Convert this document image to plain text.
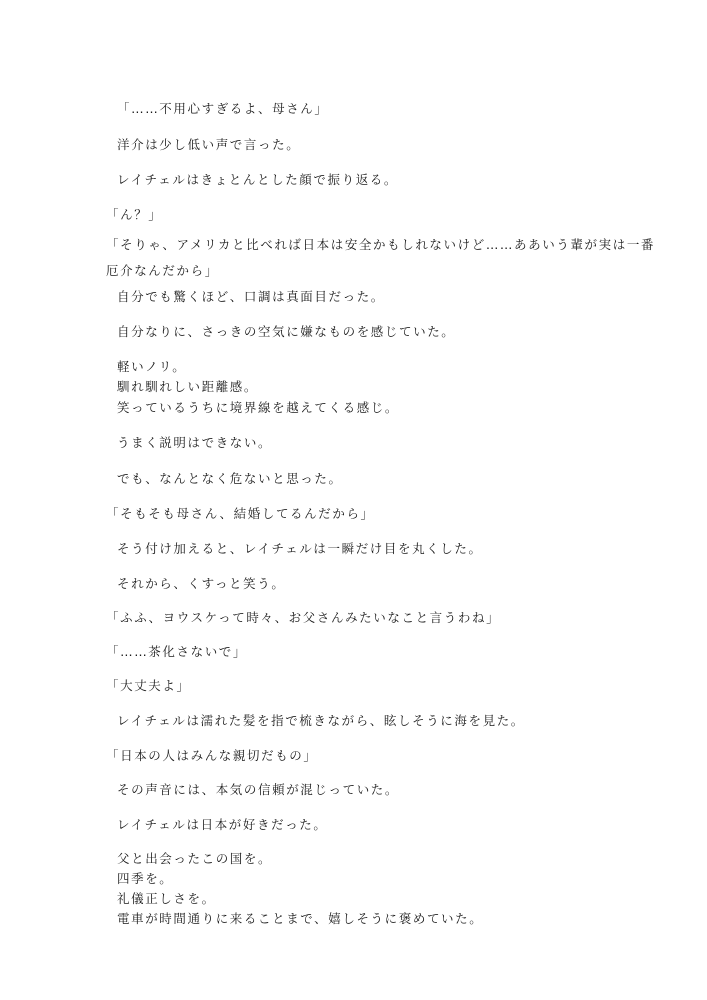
「……不用心すぎるよ、母さん」
洋介は少し低い声で言った。
レイチェルはきょとんとした顔で振り返る。
「ん？」
「そりゃ、アメリカと比べれば日本は安全かもしれないけど……ああいう輩が実は一番厄介なんだから」
自分でも驚くほど、口調は真面目だった。
自分なりに、さっきの空気に嫌なものを感じていた。
軽いノリ。
馴れ馴れしい距離感。
笑っているうちに境界線を越えてくる感じ。
うまく説明はできない。
でも、なんとなく危ないと思った。
「そもそも母さん、結婚してるんだから」
そう付け加えると、レイチェルは一瞬だけ目を丸くした。
それから、くすっと笑う。
「ふふ、ヨウスケって時々、お父さんみたいなこと言うわね」
「……茶化さないで」
「大丈夫よ」
レイチェルは濡れた髪を指で梳きながら、眩しそうに海を見た。
「日本の人はみんな親切だもの」
その声音には、本気の信頼が混じっていた。
レイチェルは日本が好きだった。
父と出会ったこの国を。
四季を。
礼儀正しさを。
電車が時間通りに来ることまで、嬉しそうに褒めていた。
